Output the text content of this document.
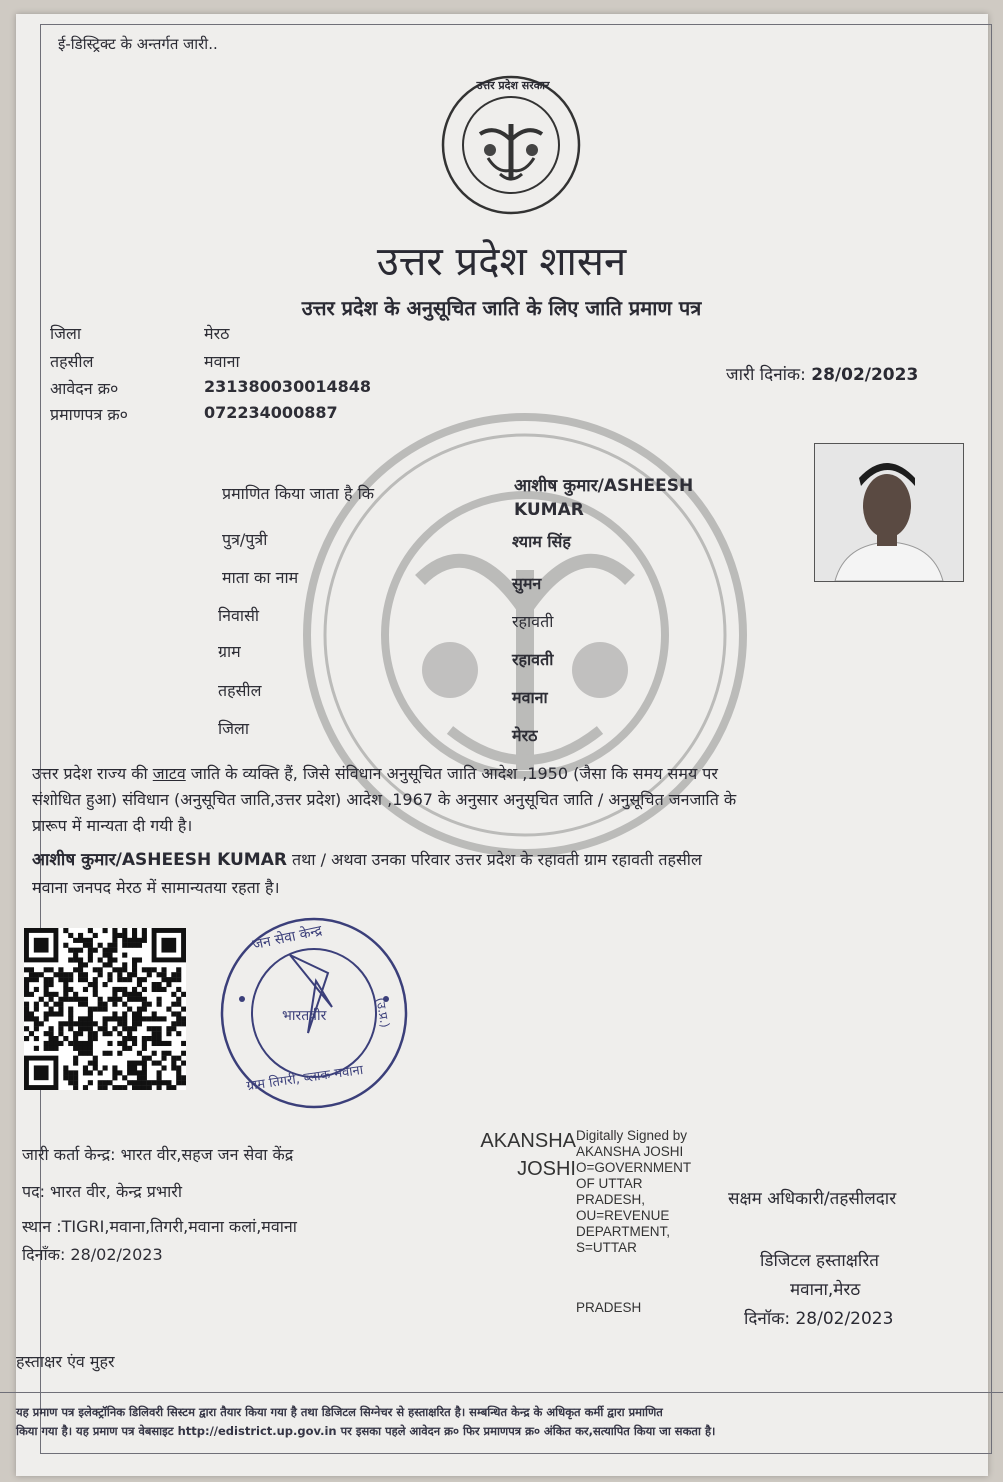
ई-डिस्ट्रिक्ट के अन्तर्गत जारी..
उत्तर प्रदेश सरकार
उत्तर प्रदेश शासन
उत्तर प्रदेश के अनुसूचित जाति के लिए जाति प्रमाण पत्र
जिला	मेरठ
तहसील	मवाना
आवेदन क्र०	231380030014848
प्रमाणपत्र क्र०	072234000887
जारी दिनांक: 28/02/2023
प्रमाणित किया जाता है कि	आशीष कुमार/ASHEESH
KUMAR
पुत्र/पुत्री	श्याम सिंह
माता का नाम	सुमन
निवासी	रहावती
ग्राम	रहावती
तहसील	मवाना
जिला	मेरठ
उत्तर प्रदेश राज्य की जाटव जाति के व्यक्ति हैं, जिसे संविधान अनुसूचित जाति आदेश ,1950 (जैसा कि समय समय पर
संशोधित हुआ) संविधान (अनुसूचित जाति,उत्तर प्रदेश) आदेश ,1967 के अनुसार अनुसूचित जाति / अनुसूचित जनजाति के
प्रारूप में मान्यता दी गयी है।
आशीष कुमार/ASHEESH KUMAR तथा / अथवा उनका परिवार उत्तर प्रदेश के रहावती ग्राम रहावती तहसील
मवाना जनपद मेरठ में सामान्यतया रहता है।
जन सेवा केन्द्र
भारतवीर
ग्राम तिगरी, ब्लाक मवाना
(उ.प्र.)
जारी कर्ता केन्द्र: भारत वीर,सहज जन सेवा केंद्र
पद: भारत वीर, केन्द्र प्रभारी
स्थान :TIGRI,मवाना,तिगरी,मवाना कलां,मवाना
दिनाँक: 28/02/2023
हस्ताक्षर एंव मुहर
AKANSHA
JOSHI
Digitally Signed by
AKANSHA JOSHI
O=GOVERNMENT
OF UTTAR
PRADESH,
OU=REVENUE
DEPARTMENT,
S=UTTAR
PRADESH
सक्षम अधिकारी/तहसीलदार
डिजिटल हस्ताक्षरित
मवाना,मेरठ
दिनॉक: 28/02/2023
यह प्रमाण पत्र इलेक्ट्रॉनिक डिलिवरी सिस्टम द्वारा तैयार किया गया है तथा डिजिटल सिग्नेचर से हस्ताक्षरित है। सम्बन्धित केन्द्र के अधिकृत कर्मी द्वारा प्रमाणित
किया गया है। यह प्रमाण पत्र वेबसाइट http://edistrict.up.gov.in पर इसका पहले आवेदन क्र० फिर प्रमाणपत्र क्र० अंकित कर,सत्यापित किया जा सकता है।
